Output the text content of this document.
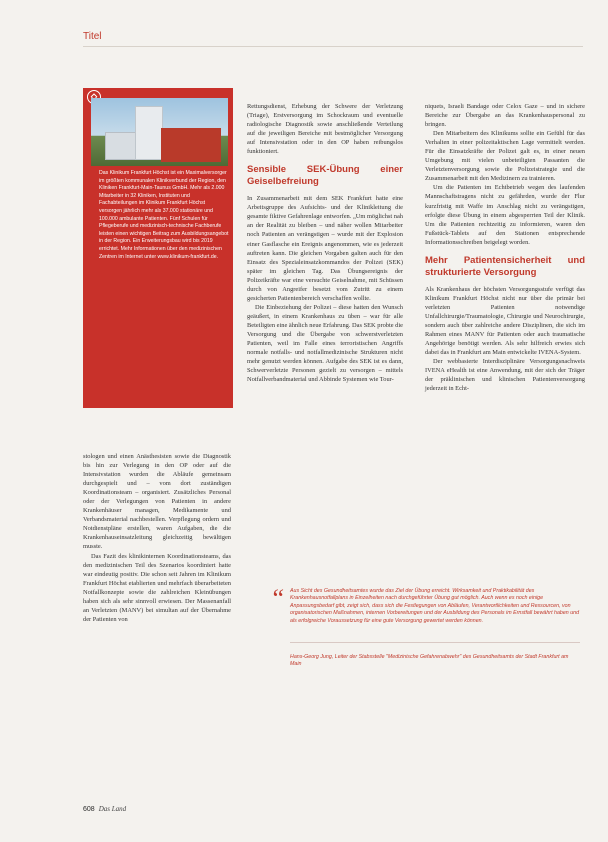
Titel
Das Klinikum Frankfurt Höchst ist ein Maximalversorger im größten kommunalen Klinikverbund der Region, den Kliniken Frankfurt-Main-Taunus GmbH. Mehr als 2.000 Mitarbeiter in 32 Kliniken, Instituten und Fachabteilungen im Klinikum Frankfurt Höchst versorgen jährlich mehr als 37.000 stationäre und 100.000 ambulante Patienten. Fünf Schulen für Pflegeberufe und medizinisch-technische Fachberufe leisten einen wichtigen Beitrag zum Ausbildungsangebot in der Region. Ein Erweiterungsbau wird bis 2019 errichtet. Mehr Informationen über den medizinischen Zentren im Internet unter www.klinikum-frankfurt.de.

stologen und einen Anästhesisten sowie die Diagnostik bis hin zur Verlegung in den OP oder auf die Intensivstation wurden die Abläufe gemeinsam durchgespielt und – vom dort zuständigen Koordinationsteam – organisiert. Zusätzliches Personal oder der Verlegungen von Patienten in andere Krankenhäuser managen, Medikamente und Verbandsmaterial nachbestellen. Verpflegung ordern und Notdienstpläne erstellen, waren Aufgaben, die die Krankenhauseinsatzleitung gleichzeitig bewältigen musste.

Das Fazit des klinikinternen Koordinationsteams, das den medizinischen Teil des Szenarios koordiniert hatte war eindeutig positiv. Die schon seit Jahren im Klinikum Frankfurt Höchst etablierten und mehrfach überarbeiteten Notfallkonzepte sowie die zahlreichen Kleinübungen haben sich als sehr sinnvoll erwiesen. Der Massenanfall an Verletzten (MANV) bei simultan auf der Übernahme der Patienten von

Rettungsdienst, Erhebung der Schwere der Verletzung (Triage), Erstversorgung im Schockraum und eventuelle radiologische Diagnostik sowie anschließende Verteilung auf die jeweiligen Bereiche mit bestmöglicher Versorgung auf Intensivstation oder in den OP haben reibungslos funktioniert.

Sensible SEK-Übung einer Geiselbefreiung

In Zusammenarbeit mit dem SEK Frankfurt hatte eine Arbeitsgruppe des Aufsichts- und der Klinikleitung die gesamte fiktive Gefahrenlage entworfen. „Um möglichst nah an der Realität zu bleiben – und näher wollen Mitarbeiter noch Patienten an verängstigen – wurde mit der Explosion einer Gasflasche ein Ereignis angenommen, wie es jederzeit auftreten kann. Die gleichen Vorgaben galten auch für den Einsatz des Spezialeinsatzkommandos der Polizei (SEK) später im gleichen Tag. Das Übungsereignis der Polizeikräfte war eine versuchte Geiselnahme, mit Schüssen durch von Angreifer besetzt vom Zutritt zu einem gesicherten Patientenbereich verschaffen wollte.

Die Einbeziehung der Polizei – diese hatten den Wunsch geäußert, in einem Krankenhaus zu üben – war für alle Beteiligten eine ähnlich neue Erfahrung. Das SEK probte die Versorgung und die Übergabe von schwerstverletzten Patienten, weil im Falle eines terroristischen Angriffs normale notfalls- und notfallmedizinische Strukturen nicht mehr genutzt werden können. Aufgabe des SEK ist es dann, Schwerverletzte Personen gezielt zu versorgen – mittels Notfallverbandmaterial und Abbinde Systemen wie Tour-

niquets, Israeli Bandage oder Celox Gaze – und in sichere Bereiche zur Übergabe an das Krankenhauspersonal zu bringen.

Den Mitarbeitern des Klinikums sollte ein Gefühl für das Verhalten in einer polizeitaktischen Lage vermittelt werden. Für die Einsatzkräfte der Polizei galt es, in einer neuen Umgebung mit vielen unbeteiligten Passanten die Verletztenversorgung sowie die Polizeistrategie und die Zusammenarbeit mit den Medizinern zu trainieren.

Um die Patienten im Echtbetrieb wegen des laufenden Mannschaftstragens nicht zu gefährden, wurde der Flur kurzfristig mit Waffe im Anschlag nicht zu verängstigen, erfolgte diese Übung in einem abgesperrten Teil der Klinik. Um die Patienten rechtzeitig zu informieren, waren den Fußstück-Tablets auf den Stationen entsprechende Informationsschreiben beigelegt worden.

Mehr Patientensicherheit und strukturierte Versorgung

Als Krankenhaus der höchsten Versorgungsstufe verfügt das Klinikum Frankfurt Höchst nicht nur über die primär bei verletzten Patienten notwendige Unfallchirurgie/Traumatologie, Chirurgie und Neurochirurgie, sondern auch über zahlreiche andere Disziplinen, die sich im Rahmen eines MANV für Patienten oder auch traumatische Angehörige benötigt werden. Als sehr hilfreich erwies sich dabei das in Frankfurt am Main entwickelte IVENA-System.

Der webbasierte Interdisziplinäre Versorgungsnachweis IVENA eHealth ist eine Anwendung, mit der sich der Träger der präklinischen und klinischen Patientenversorgung jederzeit in Echt-

“ Aus Sicht des Gesundheitsamtes wurde das Ziel der Übung erreicht. Wirksamkeit und Praktikabilität des Krankenhausnotfallplans in Einzelheiten nach durchgeführter Übung gut möglich. Auch wenn es noch einige Anpassungsbedarf gibt, zeigt sich, dass sich die Festlegungen von Abläufen, Verantwortlichkeiten und Ressourcen, von organisatorischen Maßnahmen, internen Vorbereitungen und der Ausbildung des Personals im Ernstfall bewährt haben und als erfolgreiche Voraussetzung für eine gute Versorgung gewertet werden können.
Hans-Georg Jung, Leiter der Stabsstelle "Medizinische Gefahrenabwehr" des Gesundheitsamts der Stadt Frankfurt am Main
608 Das Land
